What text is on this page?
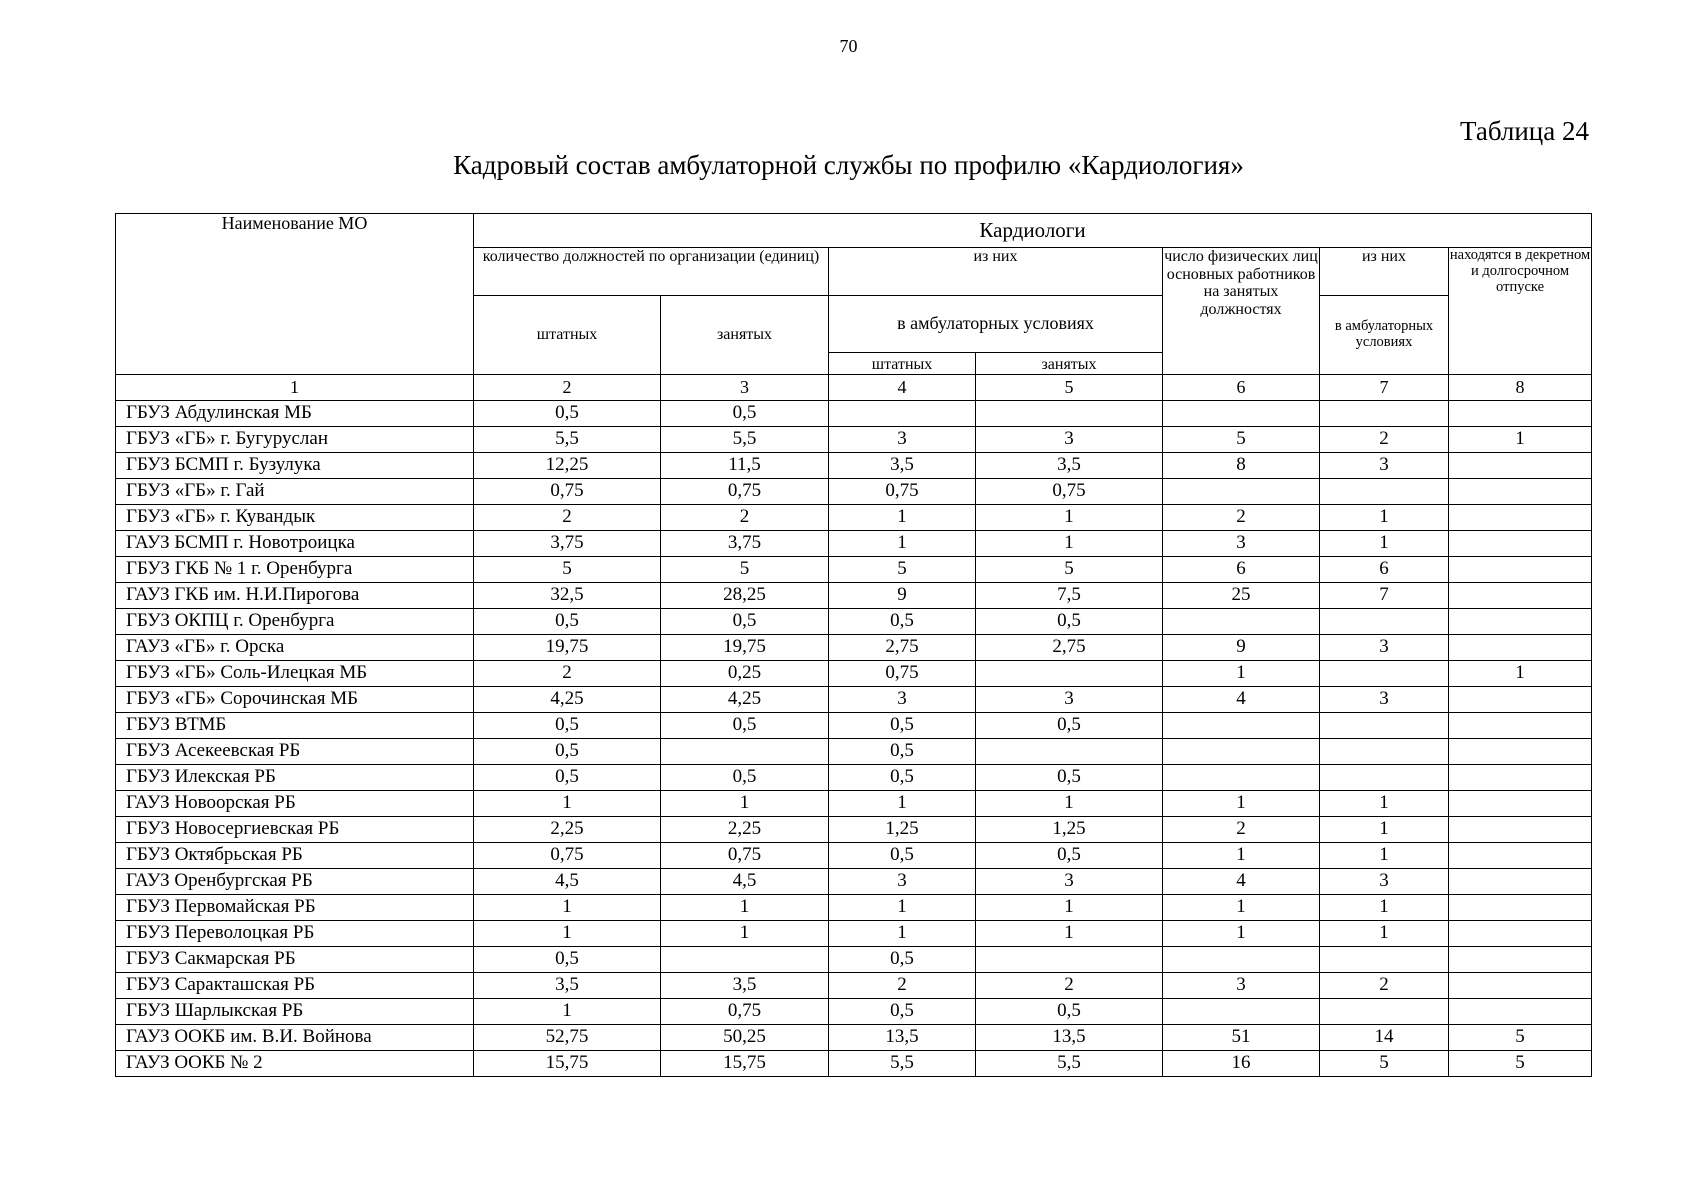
70
Таблица 24
Кадровый состав амбулаторной службы по профилю «Кардиология»
Наименование МО	Кардиологи						
	количество должностей по организации (единиц)		из них		число физических лиц основных работников на занятых должностях	из них	находятся в декретном и долгосрочном отпуске
	штатных	занятых	в амбулаторных условиях			в амбулаторных условиях	
			штатных	занятых			
1	2	3	4	5	6	7	8
ГБУЗ Абдулинская МБ	0,5	0,5					
ГБУЗ «ГБ» г. Бугуруслан	5,5	5,5	3	3	5	2	1
ГБУЗ БСМП г. Бузулука	12,25	11,5	3,5	3,5	8	3	
ГБУЗ «ГБ» г. Гай	0,75	0,75	0,75	0,75			
ГБУЗ «ГБ» г. Кувандык	2	2	1	1	2	1	
ГАУЗ БСМП г. Новотроицка	3,75	3,75	1	1	3	1	
ГБУЗ ГКБ № 1 г. Оренбурга	5	5	5	5	6	6	
ГАУЗ ГКБ им. Н.И.Пирогова	32,5	28,25	9	7,5	25	7	
ГБУЗ ОКПЦ г. Оренбурга	0,5	0,5	0,5	0,5			
ГАУЗ «ГБ» г. Орска	19,75	19,75	2,75	2,75	9	3	
ГБУЗ «ГБ» Соль-Илецкая МБ	2	0,25	0,75		1		1
ГБУЗ «ГБ» Сорочинская МБ	4,25	4,25	3	3	4	3	
ГБУЗ ВТМБ	0,5	0,5	0,5	0,5			
ГБУЗ Асекеевская РБ	0,5		0,5				
ГБУЗ Илекская РБ	0,5	0,5	0,5	0,5			
ГАУЗ Новоорская РБ	1	1	1	1	1	1	
ГБУЗ Новосергиевская РБ	2,25	2,25	1,25	1,25	2	1	
ГБУЗ Октябрьская РБ	0,75	0,75	0,5	0,5	1	1	
ГАУЗ Оренбургская РБ	4,5	4,5	3	3	4	3	
ГБУЗ Первомайская РБ	1	1	1	1	1	1	
ГБУЗ Переволоцкая РБ	1	1	1	1	1	1	
ГБУЗ Сакмарская РБ	0,5		0,5				
ГБУЗ Саракташская РБ	3,5	3,5	2	2	3	2	
ГБУЗ Шарлыкская РБ	1	0,75	0,5	0,5			
ГАУЗ ООКБ им. В.И. Войнова	52,75	50,25	13,5	13,5	51	14	5
ГАУЗ ООКБ № 2	15,75	15,75	5,5	5,5	16	5	5
